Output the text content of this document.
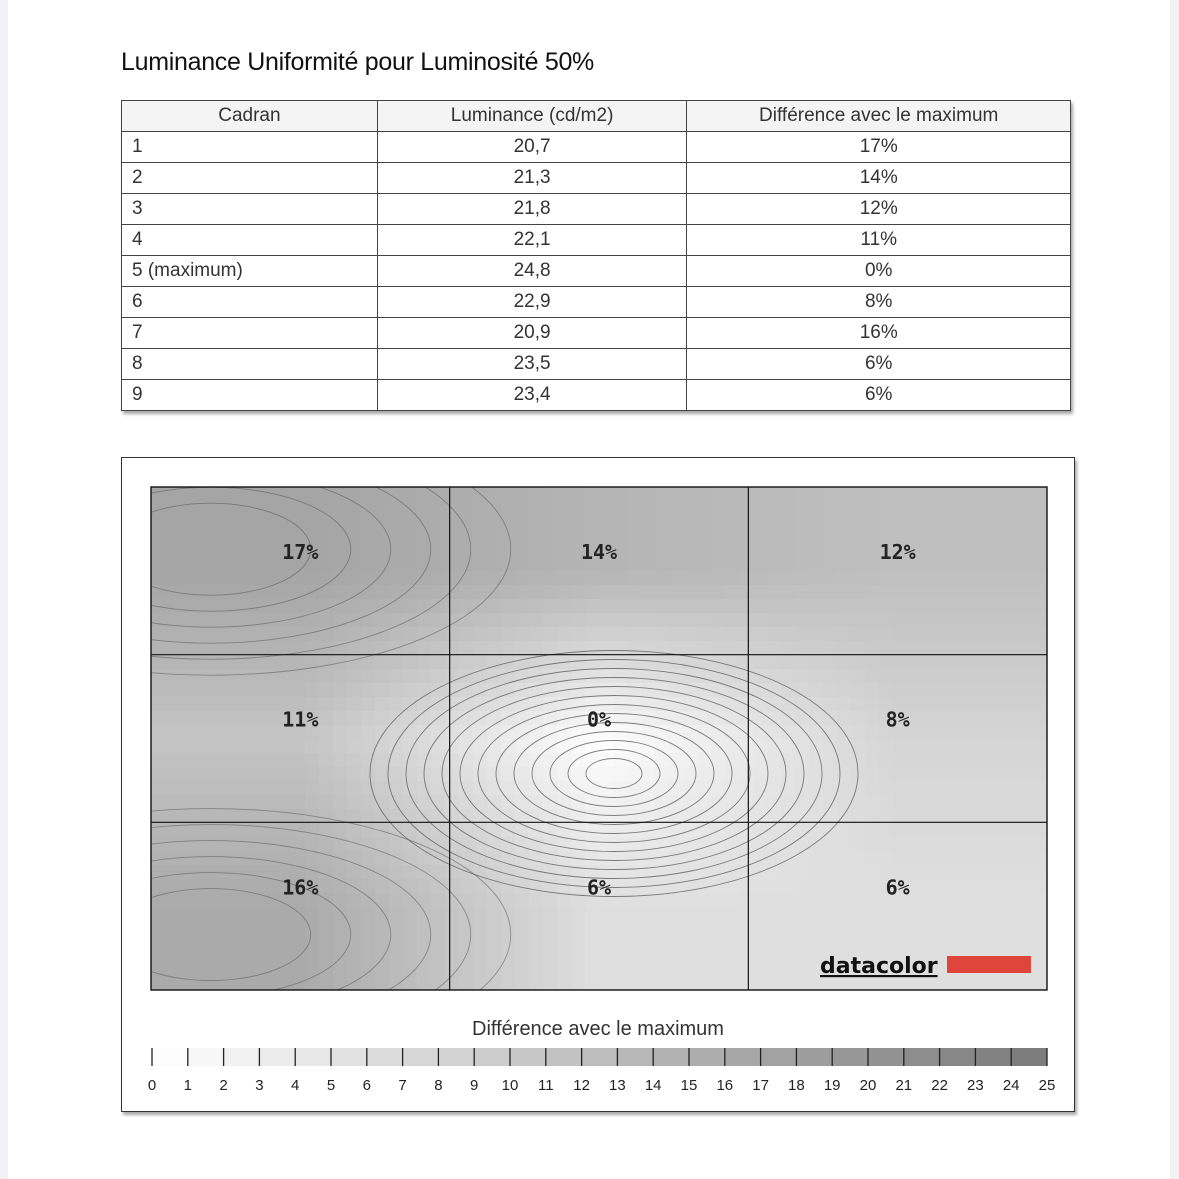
Luminance Uniformité pour Luminosité 50%
Cadran	Luminance (cd/m2)	Différence avec le maximum
1	20,7	17%
2	21,3	14%
3	21,8	12%
4	22,1	11%
5 (maximum)	24,8	0%
6	22,9	8%
7	20,9	16%
8	23,5	6%
9	23,4	6%
17%	14%	12%
11%	0%	8%
16%	6%	6%
datacolor
Différence avec le maximum
0 1 2 3 4 5 6 7 8 9 10 11 12 13 14 15 16 17 18 19 20 21 22 23 24 25
